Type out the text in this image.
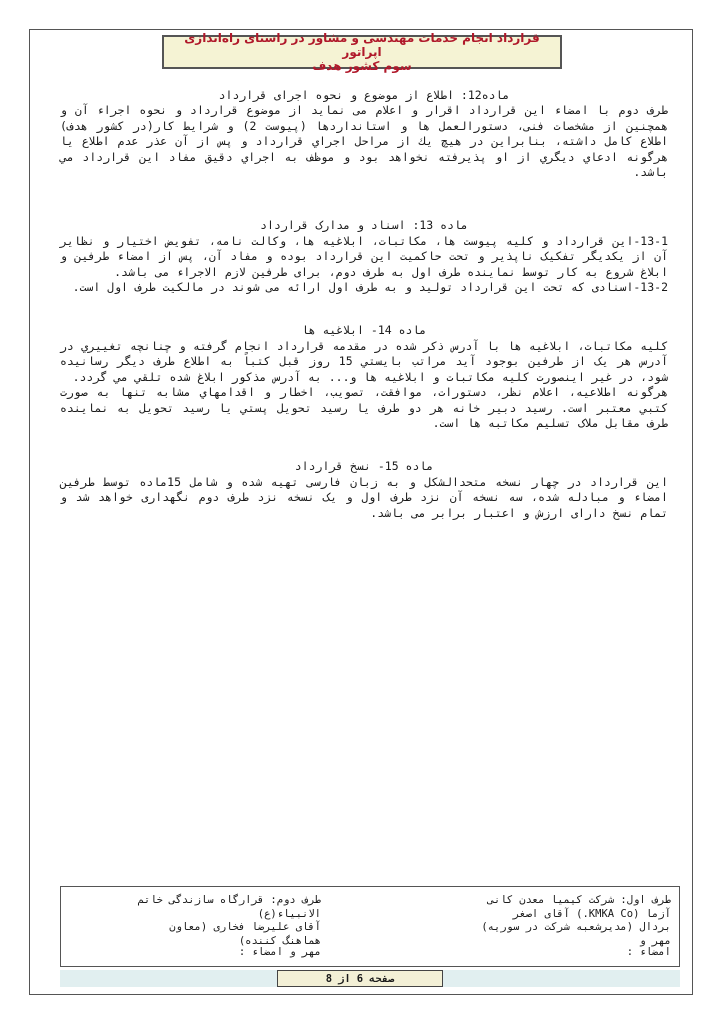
قرارداد انجام خدمات مهندسی و مشاور در راستای راه‌اندازی اپراتور
سوم کشور هدف

ماده12: اطلاع از موضوع و نحوه اجرای قرارداد

طرف دوم با امضاء این قرارداد اقرار و اعلام می نماید از موضوع قرارداد و نحوه اجراء آن و همچنین از مشخصات فنی، دستورالعمل ها و استانداردها (پیوست 2) و شرایط کار(در کشور هدف) اطلاع کامل داشته، بنابراین در هیچ یك از مراحل اجراي قرارداد و پس از آن عذر عدم اطلاع یا هرگونه ادعاي دیگري از او پذیرفته نخواهد بود و موظف به اجراي دقیق مفاد این قرارداد مي باشد.

ماده 13: اسناد و مدارک قرارداد

13-1-این قرارداد و کلیه پیوست ها، مکاتبات، ابلاغیه ها، وکالت نامه، تفویض اختیار و نظایر آن از یکدیگر تفکیک ناپذیر و تحت حاکمیت این قرارداد بوده و مفاد آن، پس از امضاء طرفین و ابلاغ شروع به کار توسط نماینده طرف اول به طرف دوم، برای طرفین لازم الاجراء می باشد.

13-2-اسنادی که تحت این قرارداد تولید و به طرف اول ارائه می شوند در مالکیت طرف اول است.

ماده 14- ابلاغیه ها

کلیه مکاتبات، ابلاغیه ها با آدرس ذکر شده در مقدمه قرارداد انجام گرفته و چنانچه تغییري در آدرس هر یک از طرفین بوجود آید مراتب بایستي 15 روز قبل کتباً به اطلاع طرف دیگر رسانیده شود، در غیر اینصورت کلیه مکاتبات و ابلاغیه ها و... به آدرس مذکور ابلاغ شده تلقي مي گردد.

هرگونه اطلاعیه، اعلام نظر، دستورات، موافقت، تصویب، اخطار و اقدامهاي مشابه تنها به صورت کتبي معتبر است. رسید دبیر خانه هر دو طرف یا رسید تحویل پستي یا رسید تحویل به نماینده طرف مقابل ملاک تسلیم مکاتبه ها است.

ماده 15- نسخ قرارداد

این قرارداد در چهار نسخه متحدالشکل و به زبان فارسی تهیه شده و شامل 15ماده توسط طرفین امضاء و مبادله شده، سه نسخه آن نزد طرف اول و یک نسخه نزد طرف دوم نگهداری خواهد شد و تمام نسخ دارای ارزش و اعتبار برابر می باشد.

طرف اول: شرکت کیمیا معدن کانی
آزما (KMKA Co.) آقای اصغر
بردال (مدیرشعبه شرکت در سوریه)
مهر و
طرف دوم: قرارگاه سازندگی خاتم
الانبیاء(ع)
آقای علیرضا فخاری (معاون
هماهنگ کننده)
امضاء :
مهر و امضاء :
صفحه
6
از
8
